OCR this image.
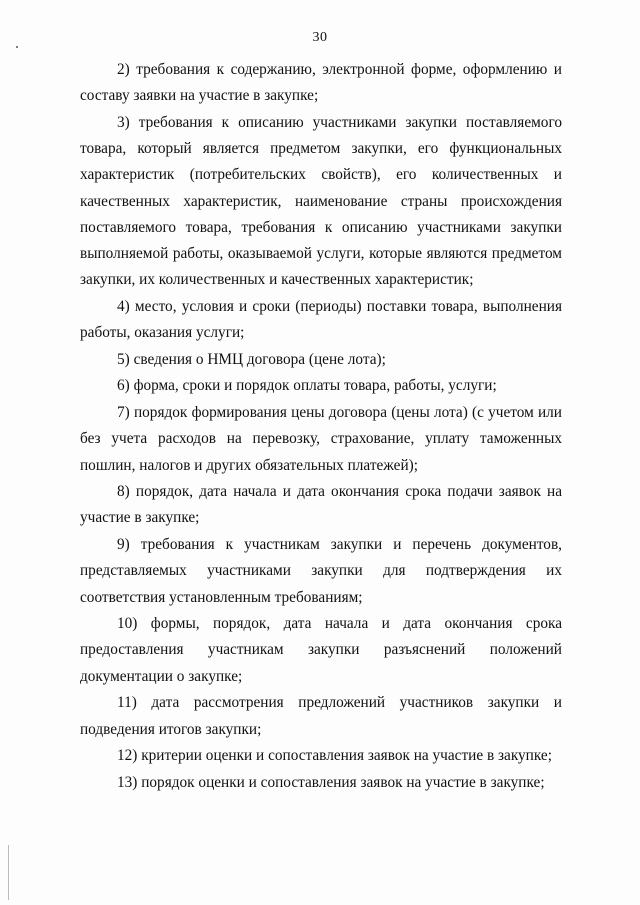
30

2) требования к содержанию, электронной форме, оформлению и составу заявки на участие в закупке;

3) требования к описанию участниками закупки поставляемого товара, который является предметом закупки, его функциональных характеристик (потребительских свойств), его количественных и качественных характеристик, наименование страны происхождения поставляемого товара, требования к описанию участниками закупки выполняемой работы, оказываемой услуги, которые являются предметом закупки, их количественных и качественных характеристик;

4) место, условия и сроки (периоды) поставки товара, выполнения работы, оказания услуги;

5) сведения о НМЦ договора (цене лота);

6) форма, сроки и порядок оплаты товара, работы, услуги;

7) порядок формирования цены договора (цены лота) (с учетом или без учета расходов на перевозку, страхование, уплату таможенных пошлин, налогов и других обязательных платежей);

8) порядок, дата начала и дата окончания срока подачи заявок на участие в закупке;

9) требования к участникам закупки и перечень документов, представляемых участниками закупки для подтверждения их соответствия установленным требованиям;

10) формы, порядок, дата начала и дата окончания срока предоставления участникам закупки разъяснений положений документации о закупке;

11) дата рассмотрения предложений участников закупки и подведения итогов закупки;

12) критерии оценки и сопоставления заявок на участие в закупке;

13) порядок оценки и сопоставления заявок на участие в закупке;
